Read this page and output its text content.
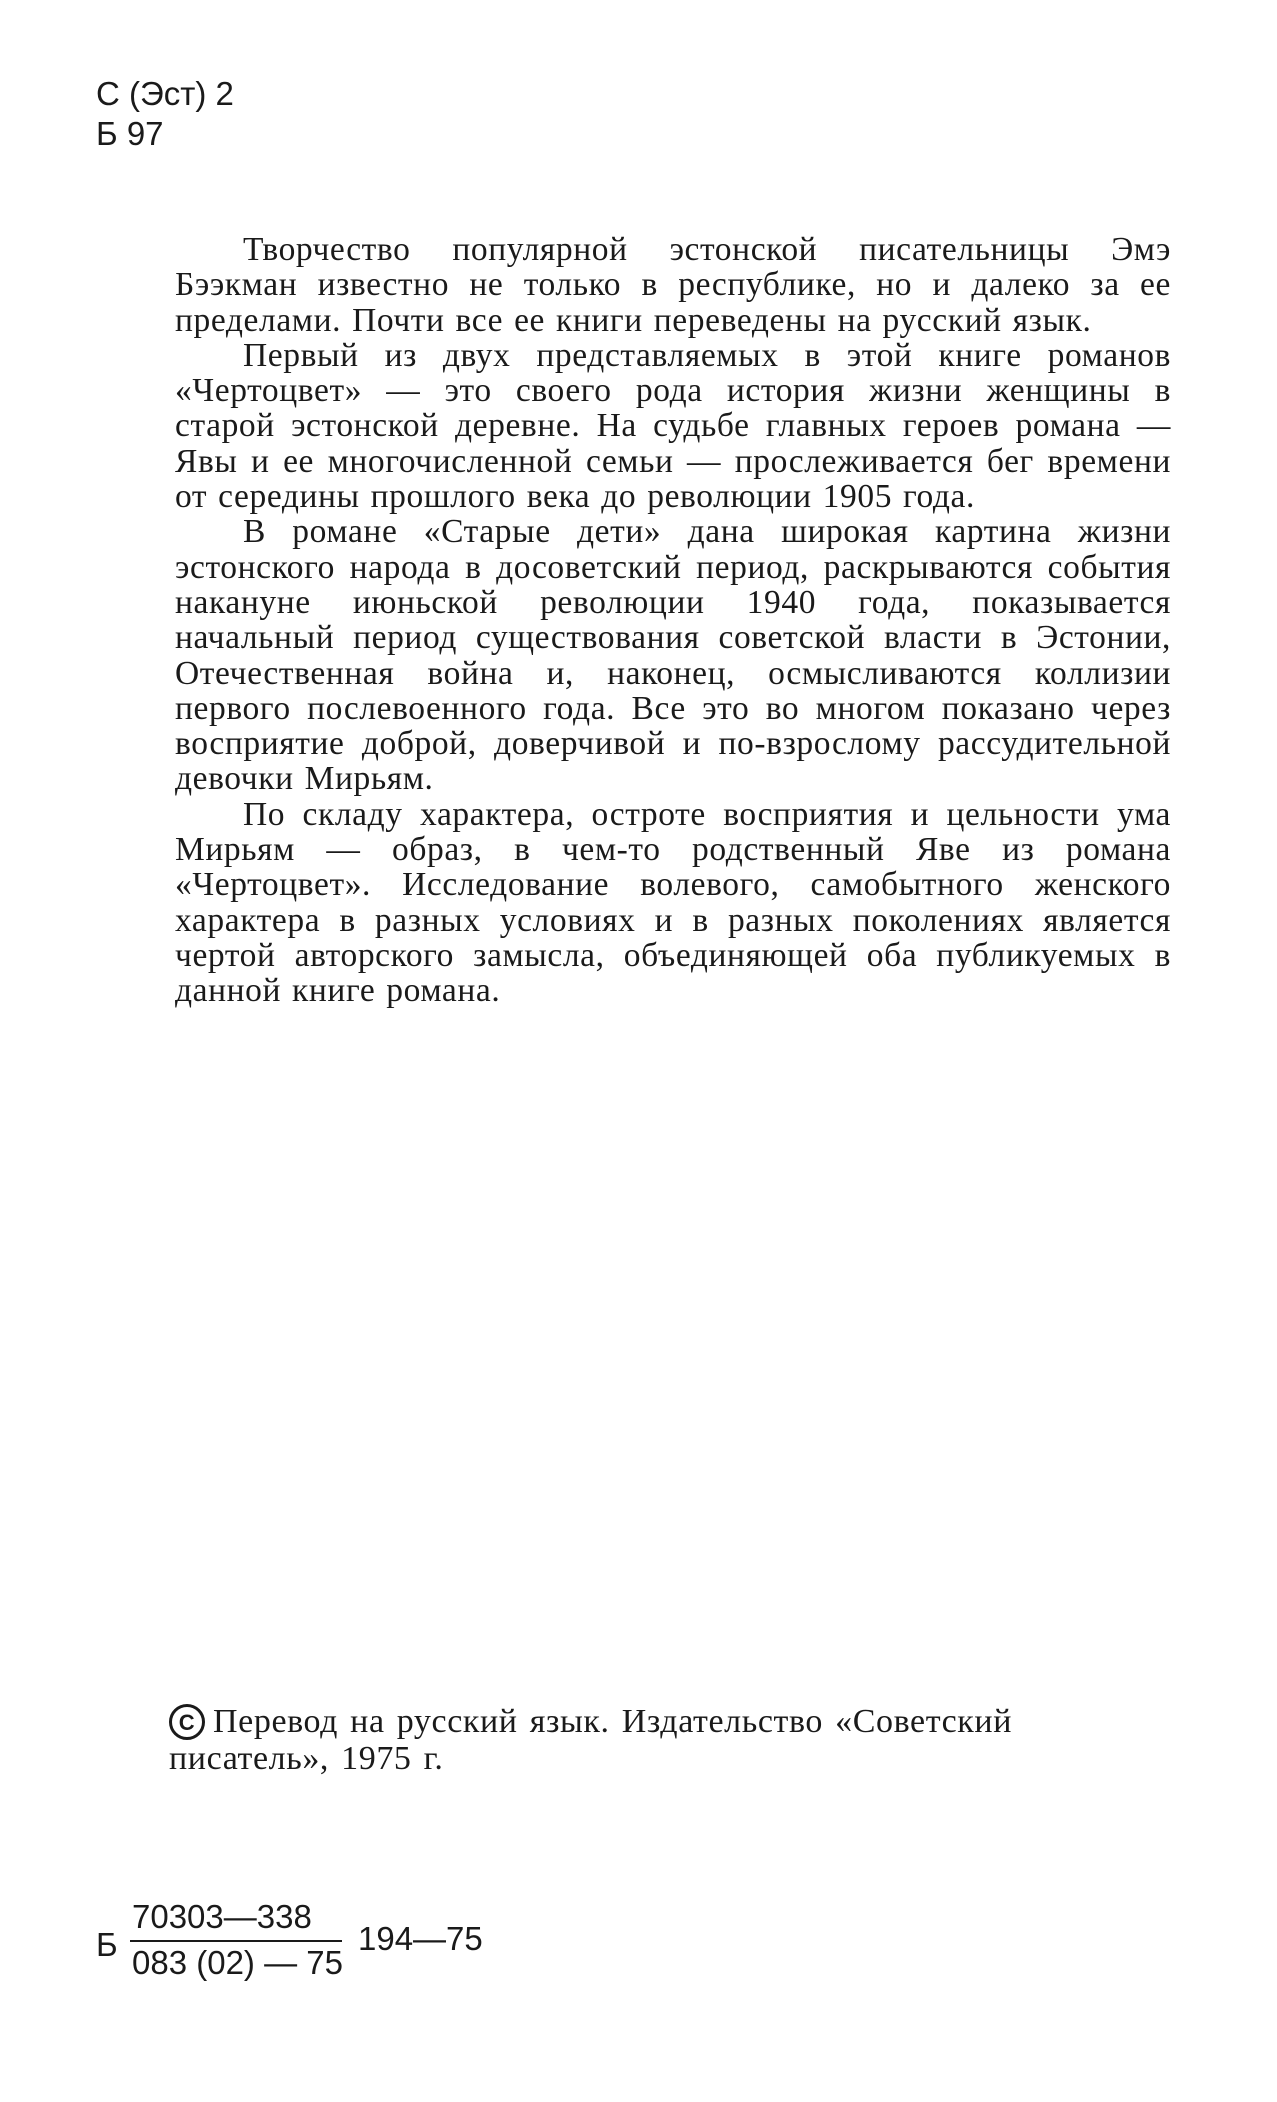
С (Эст) 2
Б 97

Творчество популярной эстонской писательницы Эмэ Бээкман известно не только в республике, но и далеко за ее пределами. Почти все ее книги переведены на русский язык.

Первый из двух представляемых в этой книге романов «Чертоцвет» — это своего рода история жизни женщины в старой эстонской деревне. На судьбе главных героев романа — Явы и ее многочисленной семьи — прослеживается бег времени от середины прошлого века до революции 1905 года.

В романе «Старые дети» дана широкая картина жизни эстонского народа в досоветский период, раскрываются события накануне июньской революции 1940 года, показывается начальный период существования советской власти в Эстонии, Отечественная война и, наконец, осмысливаются коллизии первого послевоенного года. Все это во многом показано через восприятие доброй, доверчивой и по-взрослому рассудительной девочки Мирьям.

По складу характера, остроте восприятия и цельности ума Мирьям — образ, в чем-то родственный Яве из романа «Чертоцвет». Исследование волевого, самобытного женского характера в разных условиях и в разных поколениях является чертой авторского замысла, объединяющей оба публикуемых в данной книге романа.

C Перевод на русский язык. Издательство «Советский писатель», 1975 г.
Б
70303—338
083 (02) — 75
194—75
